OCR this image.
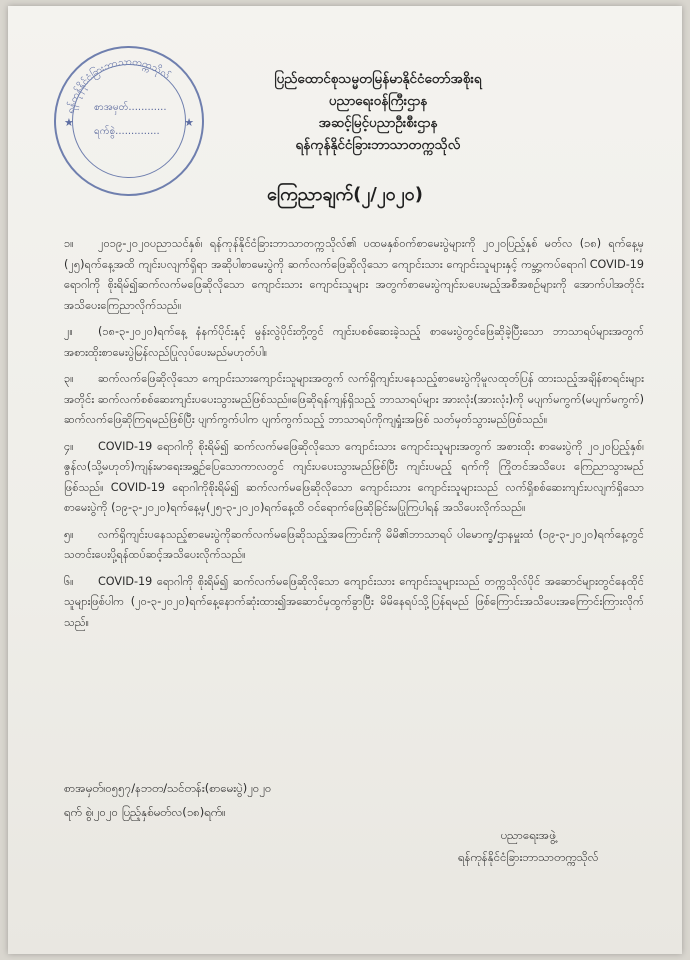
ရန်ကုန်နိုင်ငံခြားဘာသာတက္ကသိုလ်
စာအမှတ်............
ရက်စွဲ..............
★	★
ပြည်ထောင်စုသမ္မတမြန်မာနိုင်ငံတော်အစိုးရ
ပညာရေးဝန်ကြီးဌာန
အဆင့်မြင့်ပညာဦးစီးဌာန
ရန်ကုန်နိုင်ငံခြားဘာသာတက္ကသိုလ်
ကြေညာချက်(၂/၂၀၂၀)

၁။ ၂၀၁၉-၂၀၂၀ပညာသင်နှစ်၊ ရန်ကုန်နိုင်ငံခြားဘာသာတက္ကသိုလ်၏ ပထမနှစ်ဝက်စာမေးပွဲများကို ၂၀၂၀ပြည့်နှစ် မတ်လ (၁၈) ရက်နေ့မှ (၂၅)ရက်နေ့အထိ ကျင်းပလျက်ရှိရာ အဆိုပါစာမေးပွဲကို ဆက်လက်ဖြေဆိုလိုသော ကျောင်းသား ကျောင်းသူများနှင့် ကမ္ဘာ့ကပ်ရောဂါ COVID-19 ရောဂါကို စိုးရိမ်၍ဆက်လက်မဖြေဆိုလိုသော ကျောင်းသား ကျောင်းသူများ အတွက်စာမေးပွဲကျင်းပပေးမည့်အစီအစဉ်များကို အောက်ပါအတိုင်း အသိပေးကြေညာလိုက်သည်။

၂။ (၁၈-၃-၂၀၂၀)ရက်နေ့ နံနက်ပိုင်းနှင့် မွန်းလွဲပိုင်းတို့တွင် ကျင်းပစစ်ဆေးခဲ့သည့် စာမေးပွဲတွင်ဖြေဆိုခဲ့ပြီးသော ဘာသာရပ်များအတွက်အစားထိုးစာမေးပွဲမြန်လည်ပြုလုပ်ပေးမည်မဟုတ်ပါ။

၃။ ဆက်လက်ဖြေဆိုလိုသော ကျောင်းသားကျောင်းသူများအတွက် လက်ရှိကျင်းပနေသည့်စာမေးပွဲကိုမူလထုတ်ပြန် ထားသည့်အချိန်စာရင်းများအတိုင်း ဆက်လက်စစ်ဆေးကျင်းပပေးသွားမည်ဖြစ်သည်။ဖြေဆိုရန်ကျန်ရှိသည့် ဘာသာရပ်များ အားလုံး(အားလုံး)ကို မပျက်မကွက်(မပျက်မကွက်) ဆက်လက်ဖြေဆိုကြရမည်ဖြစ်ပြီး ပျက်ကွက်ပါက ပျက်ကွက်သည့် ဘာသာရပ်ကိုကျရှုံးအဖြစ် သတ်မှတ်သွားမည်ဖြစ်သည်။

၄။ COVID-19 ရောဂါကို စိုးရိမ်၍ ဆက်လက်မဖြေဆိုလိုသော ကျောင်းသား ကျောင်းသူများအတွက် အစားထိုး စာမေးပွဲကို ၂၀၂၀ပြည့်နှစ်၊ ဇွန်လ(သို့မဟုတ်)ကျန်းမာရေးအရွှဉ်ပြေသောကာလတွင် ကျင်းပပေးသွားမည်ဖြစ်ပြီး ကျင်းပမည့် ရက်ကို ကြိုတင်အသိပေး ကြေညာသွားမည်ဖြစ်သည်။ COVID-19 ရောဂါကိုစိုးရိမ်၍ ဆက်လက်မဖြေဆိုလိုသော ကျောင်းသား ကျောင်းသူများသည် လက်ရှိစစ်ဆေးကျင်းပလျက်ရှိသောစာမေးပွဲကို (၁၉-၃-၂၀၂၀)ရက်နေ့မှ(၂၅-၃-၂၀၂၀)ရက်နေ့ထိ ဝင်ရောက်ဖြေဆိုခြင်းမပြုကြပါရန် အသိပေးလိုက်သည်။

၅။ လက်ရှိကျင်းပနေသည့်စာမေးပွဲကိုဆက်လက်မဖြေဆိုသည့်အကြောင်းကို မိမိ၏ဘာသာရပ် ပါမောက္ခ/ဌာနမှူးထံ (၁၉-၃-၂၀၂၀)ရက်နေ့တွင်သတင်းပေးပို့ရန်ထပ်ဆင့်အသိပေးလိုက်သည်။

၆။ COVID-19 ရောဂါကို စိုးရိမ်၍ ဆက်လက်မဖြေဆိုလိုသော ကျောင်းသား ကျောင်းသူများသည် တက္ကသိုလ်ပိုင် အဆောင်များတွင်နေထိုင်သူများဖြစ်ပါက (၂၀-၃-၂၀၂၀)ရက်နေ့နောက်ဆုံးထား၍အဆောင်မှထွက်ခွာပြီး မိမိနေရပ်သို့ပြန်ရမည် ဖြစ်ကြောင်းအသိပေးအကြောင်းကြားလိုက်သည်။

စာအမှတ်၊၀၅၅၇/နဘတ/သင်တန်း(စာမေးပွဲ)၂၀၂၀
ရက် စွဲ၊၂၀၂၀ ပြည့်နှစ်မတ်လ(၁၈)ရက်။
ပညာရေးအဖွဲ့
ရန်ကုန်နိုင်ငံခြားဘာသာတက္ကသိုလ်
